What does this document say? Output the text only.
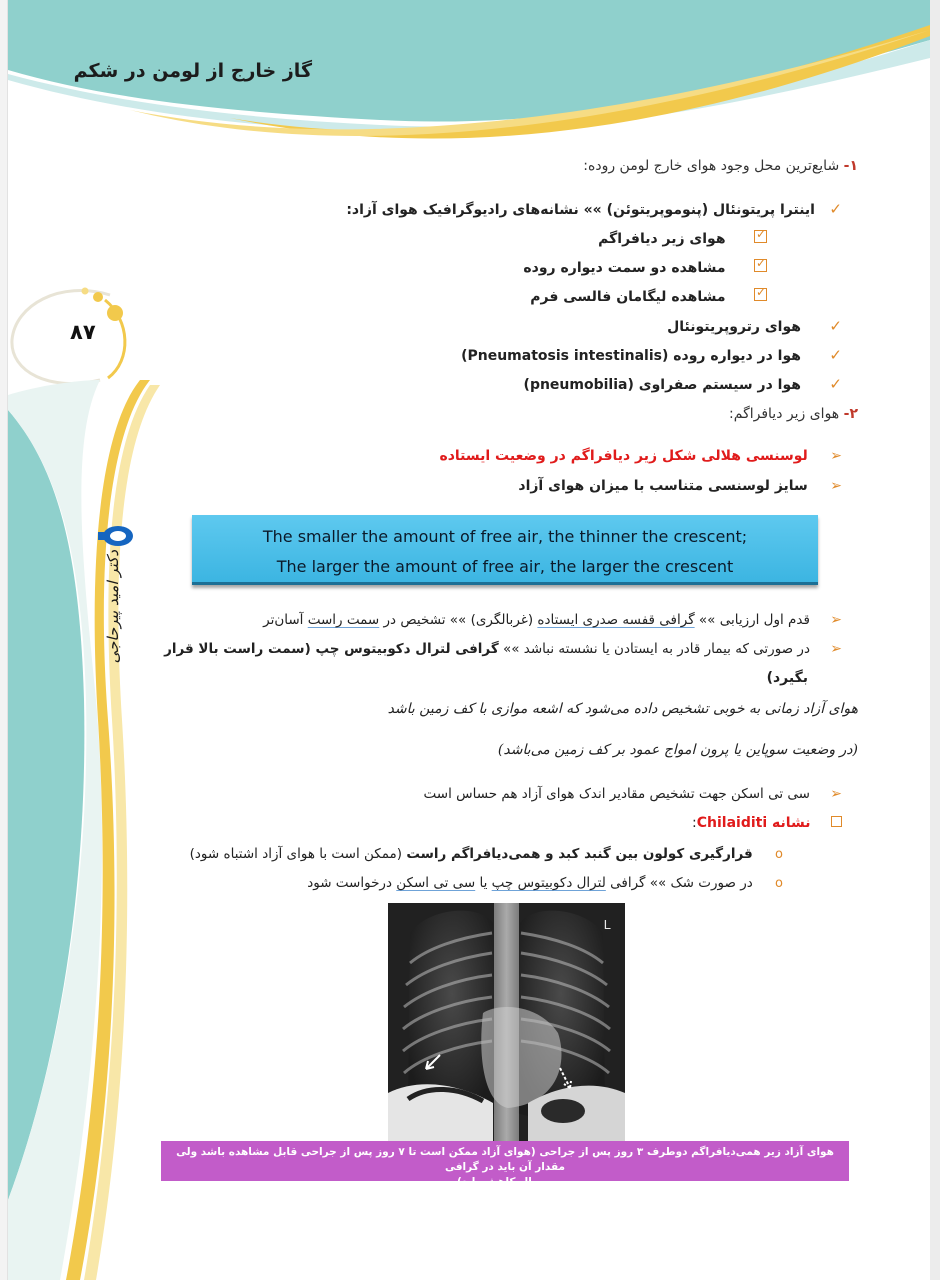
گاز خارج از لومن در شکم
۸۷
دکتر امید پیرحاجی
۱- شایع‌ترین محل وجود هوای خارج لومن روده:
✓ اینترا پریتونئال (پنوموپریتوئن) »» نشانه‌های رادیوگرافیک هوای آزاد:
✓ هوای زیر دیافراگم
✓ مشاهده دو سمت دیواره روده
✓ مشاهده لیگامان فالسی فرم
✓ هوای رتروپریتونئال
✓ هوا در دیواره روده (Pneumatosis intestinalis)
✓ هوا در سیستم صفراوی (pneumobilia)
۲- هوای زیر دیافراگم:
➢ لوسنسی هلالی شکل زیر دیافراگم در وضعیت ایستاده
➢ سایز لوسنسی متناسب با میزان هوای آزاد
The smaller the amount of free air, the thinner the crescent;
The larger the amount of free air, the larger the crescent
➢ قدم اول ارزیابی »» گرافی قفسه صدری ایستاده (غربالگری) »» تشخیص در سمت راست آسان‌تر
➢ در صورتی که بیمار قادر به ایستادن یا نشسته نباشد »» گرافی لترال دکوبیتوس چپ (سمت راست بالا قرار
بگیرد)
هوای آزاد زمانی به خوبی تشخیص داده می‌شود که اشعه موازی با کف زمین باشد
(در وضعیت سوپاین یا پرون امواج عمود بر کف زمین می‌باشد)
➢ سی تی اسکن جهت تشخیص مقادیر اندک هوای آزاد هم حساس است
نشانه Chilaiditi:
o قرارگیری کولون بین گنبد کبد و همی‌دیافراگم راست (ممکن است با هوای آزاد اشتباه شود)
o در صورت شک »» گرافی لترال دکوبیتوس چپ یا سی تی اسکن درخواست شود
L
هوای آزاد زیر همی‌دیافراگم دوطرف ۳ روز پس از جراحی (هوای آزاد ممکن است تا ۷ روز پس از جراحی قابل مشاهده باشد ولی مقدار آن باید در گرافی
سریال کاهش یابد)
